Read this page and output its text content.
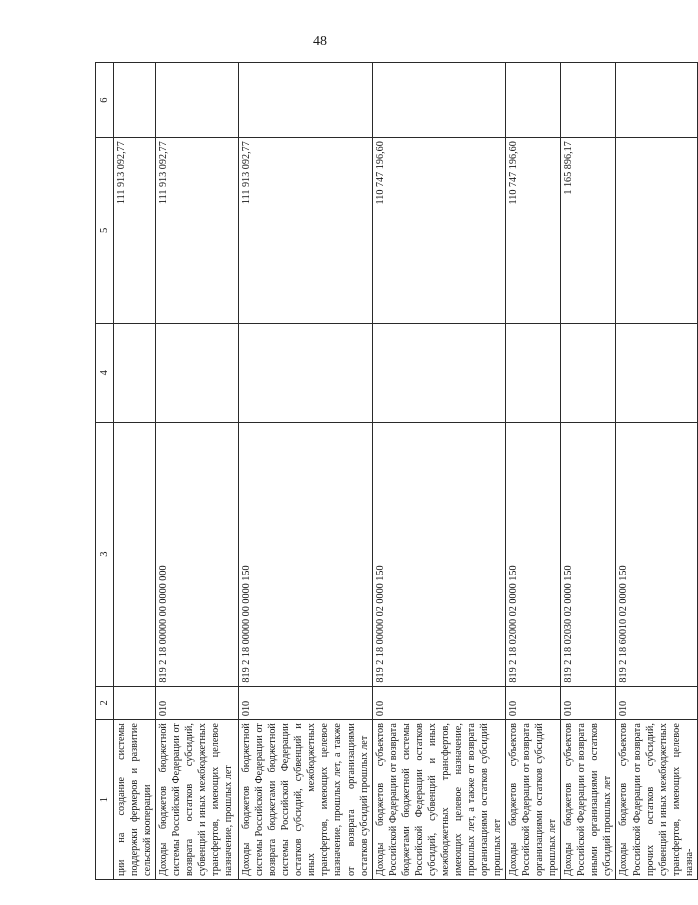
48
1	2	3	4	5	6
ции на создание системы поддержки фермеров и развитие сельской кооперации				111 913 092,77	
Доходы бюджетов бюджетной системы Российской Федерации от возврата остатков субсидий, субвенций и иных межбюджетных трансфертов, имеющих целевое назначение, прошлых лет	010	819 2 18 00000 00 0000 000		111 913 092,77	
Доходы бюджетов бюджетной системы Российской Федерации от возврата бюджетами бюджетной системы Российской Федерации остатков субсидий, субвенций и иных межбюджетных трансфертов, имеющих целевое назначение, прошлых лет, а также от возврата организациями остатков субсидий прошлых лет	010	819 2 18 00000 00 0000 150		111 913 092,77	
Доходы бюджетов субъектов Российской Федерации от возврата бюджетами бюджетной системы Российской Федерации остатков субсидий, субвенций и иных межбюджетных трансфертов, имеющих целевое назначение, прошлых лет, а также от возврата организациями остатков субсидий прошлых лет	010	819 2 18 00000 02 0000 150		110 747 196,60	
Доходы бюджетов субъектов Российской Федерации от возврата организациями остатков субсидий прошлых лет	010	819 2 18 02000 02 0000 150		110 747 196,60	
Доходы бюджетов субъектов Российской Федерации от возврата иными организациями остатков субсидий прошлых лет	010	819 2 18 02030 02 0000 150		1 165 896,17	
Доходы бюджетов субъектов Российской Федерации от возврата прочих остатков субсидий, субвенций и иных межбюджетных трансфертов, имеющих целевое назна-	010	819 2 18 60010 02 0000 150			
